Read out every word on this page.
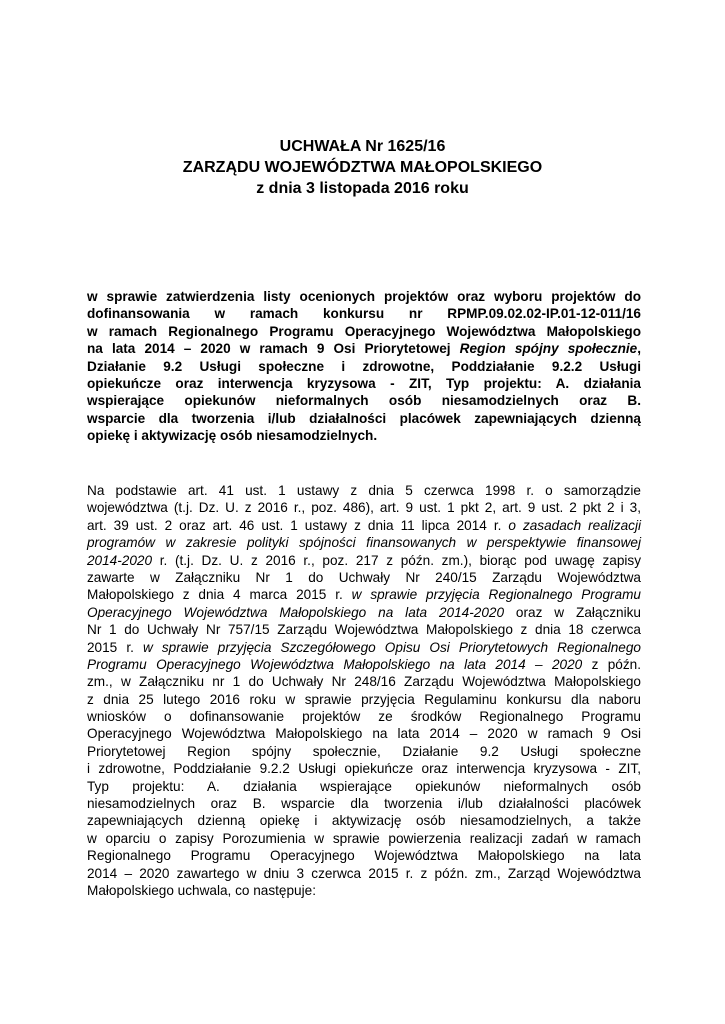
UCHWAŁA Nr 1625/16
ZARZĄDU WOJEWÓDZTWA MAŁOPOLSKIEGO
z dnia 3 listopada 2016 roku
w sprawie zatwierdzenia listy ocenionych projektów oraz wyboru projektów do
dofinansowania w ramach konkursu nr RPMP.09.02.02-IP.01-12-011/16
w ramach Regionalnego Programu Operacyjnego Województwa Małopolskiego
na lata 2014 – 2020 w ramach 9 Osi Priorytetowej Region spójny społecznie,
Działanie 9.2 Usługi społeczne i zdrowotne, Poddziałanie 9.2.2 Usługi
opiekuńcze oraz interwencja kryzysowa - ZIT, Typ projektu: A. działania
wspierające opiekunów nieformalnych osób niesamodzielnych oraz B.
wsparcie dla tworzenia i/lub działalności placówek zapewniających dzienną
opiekę i aktywizację osób niesamodzielnych.
Na podstawie art. 41 ust. 1 ustawy z dnia 5 czerwca 1998 r. o samorządzie
województwa (t.j. Dz. U. z 2016 r., poz. 486), art. 9 ust. 1 pkt 2, art. 9 ust. 2 pkt 2 i 3,
art. 39 ust. 2 oraz art. 46 ust. 1 ustawy z dnia 11 lipca 2014 r. o zasadach realizacji
programów w zakresie polityki spójności finansowanych w perspektywie finansowej
2014-2020 r. (t.j. Dz. U. z 2016 r., poz. 217 z późn. zm.), biorąc pod uwagę zapisy
zawarte w Załączniku Nr 1 do Uchwały Nr 240/15 Zarządu Województwa
Małopolskiego z dnia 4 marca 2015 r. w sprawie przyjęcia Regionalnego Programu
Operacyjnego Województwa Małopolskiego na lata 2014-2020 oraz w Załączniku
Nr 1 do Uchwały Nr 757/15 Zarządu Województwa Małopolskiego z dnia 18 czerwca
2015 r. w sprawie przyjęcia Szczegółowego Opisu Osi Priorytetowych Regionalnego
Programu Operacyjnego Województwa Małopolskiego na lata 2014 – 2020 z późn.
zm., w Załączniku nr 1 do Uchwały Nr 248/16 Zarządu Województwa Małopolskiego
z dnia 25 lutego 2016 roku w sprawie przyjęcia Regulaminu konkursu dla naboru
wniosków o dofinansowanie projektów ze środków Regionalnego Programu
Operacyjnego Województwa Małopolskiego na lata 2014 – 2020 w ramach 9 Osi
Priorytetowej Region spójny społecznie, Działanie 9.2 Usługi społeczne
i zdrowotne, Poddziałanie 9.2.2 Usługi opiekuńcze oraz interwencja kryzysowa - ZIT,
Typ projektu: A. działania wspierające opiekunów nieformalnych osób
niesamodzielnych oraz B. wsparcie dla tworzenia i/lub działalności placówek
zapewniających dzienną opiekę i aktywizację osób niesamodzielnych, a także
w oparciu o zapisy Porozumienia w sprawie powierzenia realizacji zadań w ramach
Regionalnego Programu Operacyjnego Województwa Małopolskiego na lata
2014 – 2020 zawartego w dniu 3 czerwca 2015 r. z późn. zm., Zarząd Województwa
Małopolskiego uchwala, co następuje:
